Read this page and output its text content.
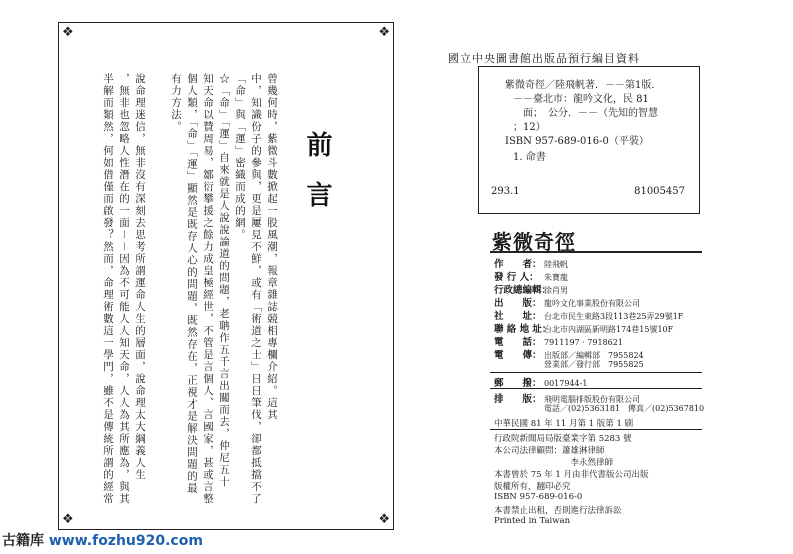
❖	❖
❖	❖
前言
曾幾何時，紫微斗數掀起一股風潮，報章雜誌競相專欄介紹。這其
中，知識份子的參與，更是屢見不鮮，或有「術道之士」日日筆伐，卻都抵擋不了
「命」與「運」密織而成的網。
☆「命」「運」自來就是人說說論道的問題，老聃作五千言出關而去，仲尼五十
知天命以贊周易，鄒衍攀援之餘力成皇極經世，不管是言個人、言國家，甚或言整
個人類，「命」「運」顯然是既存人心的問題，既然存在，正視才是解決問題的最
有力方法。
說命理迷信，無非沒有深刻去思考所謂運命人生的層面，說命理太大綱義人生
，無非也忽略人性潛在的一面－－因為不可能人人知天命，人人為其所應為，與其
半解而類然，何如借僅而啟發？然而，命理術數這一學門，雖不是傳統所謂的經常
國立中央圖書館出版品預行編目資料
紫微奇徑／陸飛帆著．－－第1版．
－－臺北市：龍吟文化，民 81
面；　公分．－－（先知的智慧
；12）
ISBN 957-689-016-0（平裝）
1. 命書
293.1	81005457
紫微奇徑
作　　者： 陸飛帆
發 行 人： 朱寶龍
行政總編輯：徐肖男
出　　版： 龍吟文化事業股份有限公司
社　　址： 台北市民生東路3段113巷25弄29號1F
聯 絡 地 址：台北市內湖區新明路174巷15號10F
電　　話： 7911197 · 7918621
電　　傳： 出版部／編輯部　7955824
營業部／發行部　7955825
郵　　撥： 0017944-1
排　　版： 飛明電腦排版股份有限公司
電話／(02)5363181　傳真／(02)5367810
中華民國 81 年 11 月第 1 版第 1 刷
行政院新聞局局版臺業字第 5283 號
本公司法律顧問：蕭雄淋律師
　　　　　　　　　李永然律師
本書曾於 75 年 1 月由非代書版公司出版
版權所有，翻印必究
ISBN 957-689-016-0
本書禁止出租，否則進行法律訴訟
Printed in Taiwan
古籍库 www.fozhu920.com
